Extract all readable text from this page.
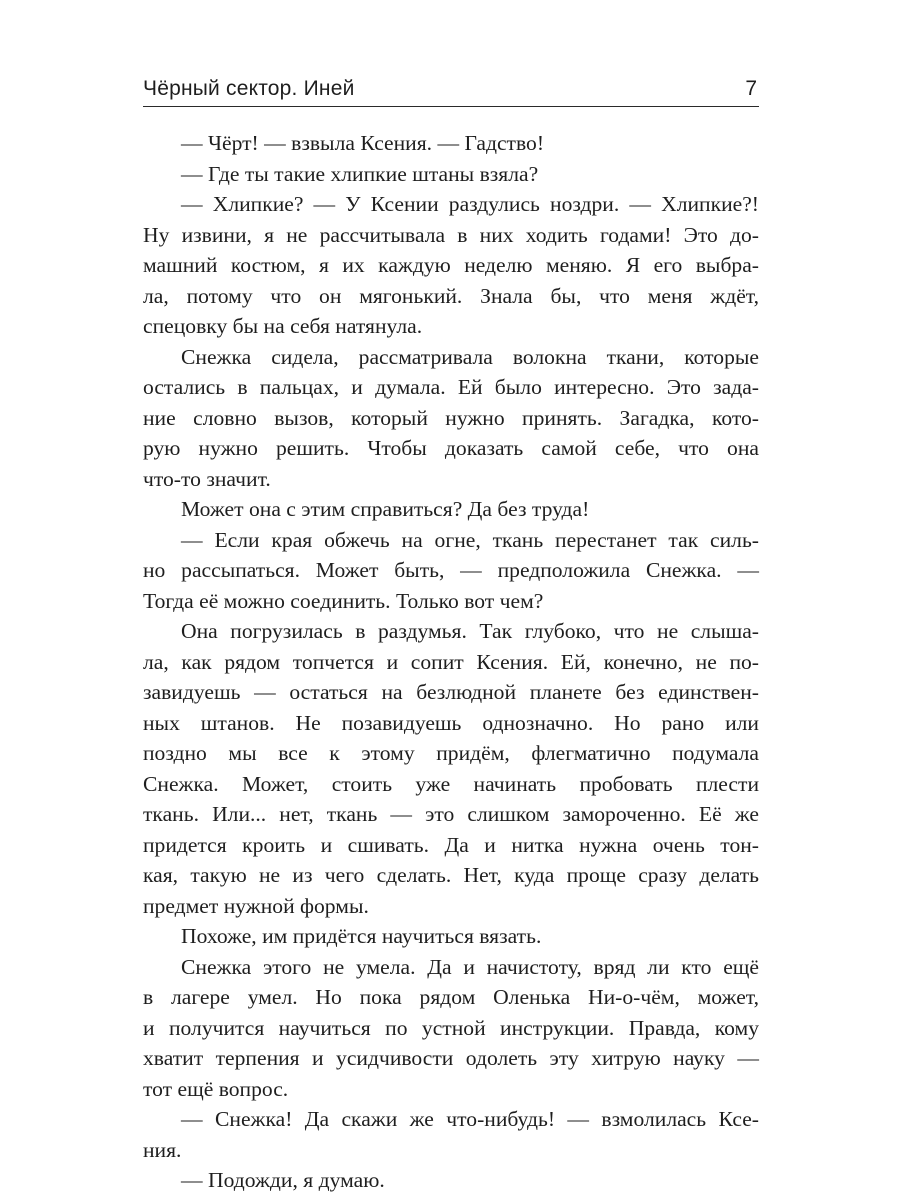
Чёрный сектор. Иней	7
— Чёрт! — взвыла Ксения. — Гадство!
— Где ты такие хлипкие штаны взяла?
— Хлипкие? — У Ксении раздулись ноздри. — Хлипкие?!
Ну извини, я не рассчитывала в них ходить годами! Это до-
машний костюм, я их каждую неделю меняю. Я его выбра-
ла, потому что он мягонький. Знала бы, что меня ждёт,
спецовку бы на себя натянула.
Снежка сидела, рассматривала волокна ткани, которые
остались в пальцах, и думала. Ей было интересно. Это зада-
ние словно вызов, который нужно принять. Загадка, кото-
рую нужно решить. Чтобы доказать самой себе, что она
что-то значит.
Может она с этим справиться? Да без труда!
— Если края обжечь на огне, ткань перестанет так силь-
но рассыпаться. Может быть, — предположила Снежка. —
Тогда её можно соединить. Только вот чем?
Она погрузилась в раздумья. Так глубоко, что не слыша-
ла, как рядом топчется и сопит Ксения. Ей, конечно, не по-
завидуешь — остаться на безлюдной планете без единствен-
ных штанов. Не позавидуешь однозначно. Но рано или
поздно мы все к этому придём, флегматично подумала
Снежка. Может, стоить уже начинать пробовать плести
ткань. Или... нет, ткань — это слишком замороченно. Её же
придется кроить и сшивать. Да и нитка нужна очень тон-
кая, такую не из чего сделать. Нет, куда проще сразу делать
предмет нужной формы.
Похоже, им придётся научиться вязать.
Снежка этого не умела. Да и начистоту, вряд ли кто ещё
в лагере умел. Но пока рядом Оленька Ни-о-чём, может,
и получится научиться по устной инструкции. Правда, кому
хватит терпения и усидчивости одолеть эту хитрую науку —
тот ещё вопрос.
— Снежка! Да скажи же что-нибудь! — взмолилась Ксе-
ния.
— Подожди, я думаю.
